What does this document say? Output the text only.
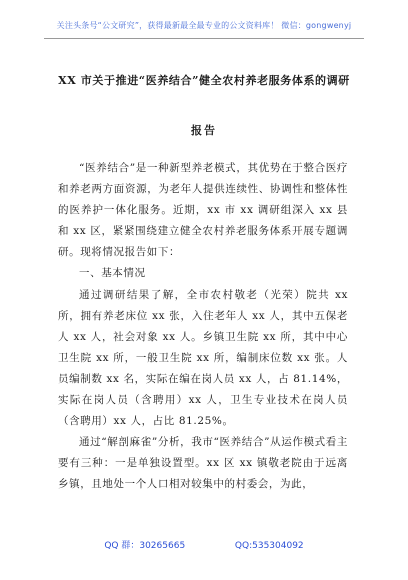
关注头条号“公文研究”，获得最新最全最专业的公文资料库！ 微信：gongwenyj
XX 市关于推进“医养结合”健全农村养老服务体系的调研
报告

“医养结合”是一种新型养老模式，其优势在于整合医疗和养老两方面资源，为老年人提供连续性、协调性和整体性的医养护一体化服务。近期，xx 市 xx 调研组深入 xx 县和 xx 区，紧紧围绕建立健全农村养老服务体系开展专题调研。现将情况报告如下：

一、基本情况

通过调研结果了解，全市农村敬老（光荣）院共 xx 所，拥有养老床位 xx 张，入住老年人 xx 人，其中五保老人 xx 人，社会对象 xx 人。乡镇卫生院 xx 所，其中中心卫生院 xx 所，一般卫生院 xx 所，编制床位数 xx 张。人员编制数 xx 名，实际在编在岗人员 xx 人，占 81.14%，实际在岗人员（含聘用）xx 人，卫生专业技术在岗人员（含聘用）xx 人，占比 81.25%。

通过“解剖麻雀”分析，我市“医养结合”从运作模式看主要有三种：一是单独设置型。xx 区 xx 镇敬老院由于远离乡镇，且地处一个人口相对较集中的村委会，为此，

QQ 群：30265665	QQ:535304092
